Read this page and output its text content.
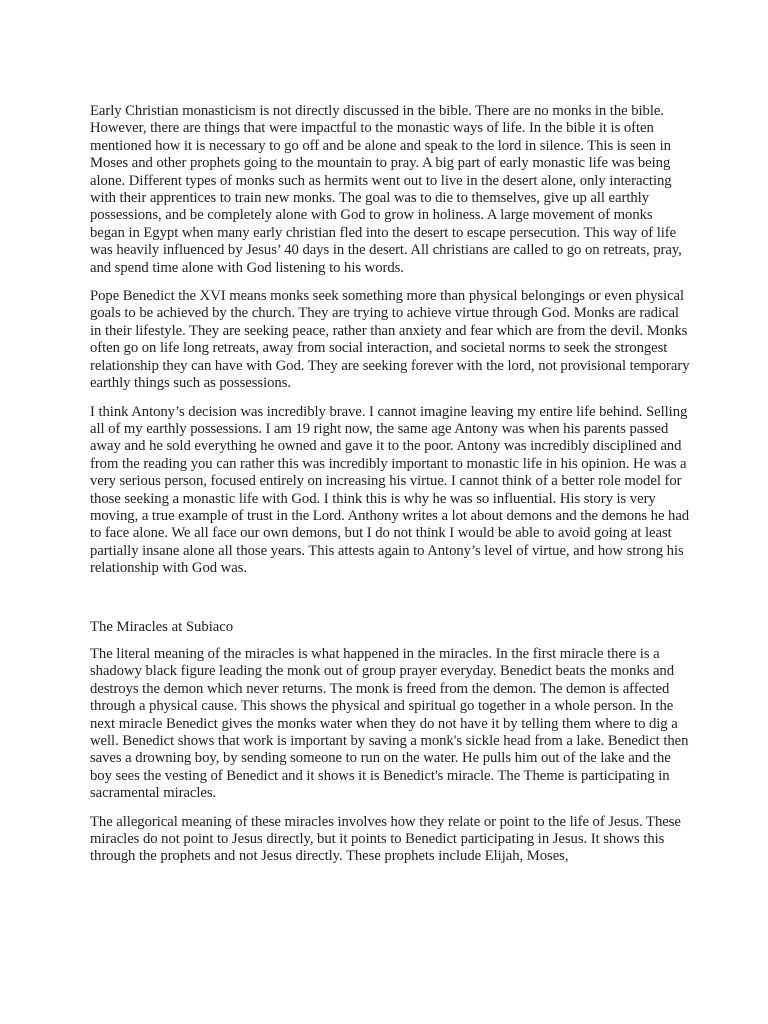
Early Christian monasticism is not directly discussed in the bible. There are no monks in the bible. However, there are things that were impactful to the monastic ways of life. In the bible it is often mentioned how it is necessary to go off and be alone and speak to the lord in silence. This is seen in Moses and other prophets going to the mountain to pray. A big part of early monastic life was being alone. Different types of monks such as hermits went out to live in the desert alone, only interacting with their apprentices to train new monks. The goal was to die to themselves, give up all earthly possessions, and be completely alone with God to grow in holiness. A large movement of monks began in Egypt when many early christian fled into the desert to escape persecution. This way of life was heavily influenced by Jesus’ 40 days in the desert. All christians are called to go on retreats, pray, and spend time alone with God listening to his words.

Pope Benedict the XVI means monks seek something more than physical belongings or even physical goals to be achieved by the church. They are trying to achieve virtue through God. Monks are radical in their lifestyle. They are seeking peace, rather than anxiety and fear which are from the devil. Monks often go on life long retreats, away from social interaction, and societal norms to seek the strongest relationship they can have with God. They are seeking forever with the lord, not provisional temporary earthly things such as possessions.

I think Antony’s decision was incredibly brave. I cannot imagine leaving my entire life behind. Selling all of my earthly possessions. I am 19 right now, the same age Antony was when his parents passed away and he sold everything he owned and gave it to the poor. Antony was incredibly disciplined and from the reading you can rather this was incredibly important to monastic life in his opinion. He was a very serious person, focused entirely on increasing his virtue. I cannot think of a better role model for those seeking a monastic life with God. I think this is why he was so influential. His story is very moving, a true example of trust in the Lord. Anthony writes a lot about demons and the demons he had to face alone. We all face our own demons, but I do not think I would be able to avoid going at least partially insane alone all those years. This attests again to Antony’s level of virtue, and how strong his relationship with God was.

The Miracles at Subiaco

The literal meaning of the miracles is what happened in the miracles. In the first miracle there is a shadowy black figure leading the monk out of group prayer everyday. Benedict beats the monks and destroys the demon which never returns. The monk is freed from the demon. The demon is affected through a physical cause. This shows the physical and spiritual go together in a whole person. In the next miracle Benedict gives the monks water when they do not have it by telling them where to dig a well. Benedict shows that work is important by saving a monk's sickle head from a lake. Benedict then saves a drowning boy, by sending someone to run on the water. He pulls him out of the lake and the boy sees the vesting of Benedict and it shows it is Benedict's miracle. The Theme is participating in sacramental miracles.

The allegorical meaning of these miracles involves how they relate or point to the life of Jesus. These miracles do not point to Jesus directly, but it points to Benedict participating in Jesus. It shows this through the prophets and not Jesus directly. These prophets include Elijah, Moses,
